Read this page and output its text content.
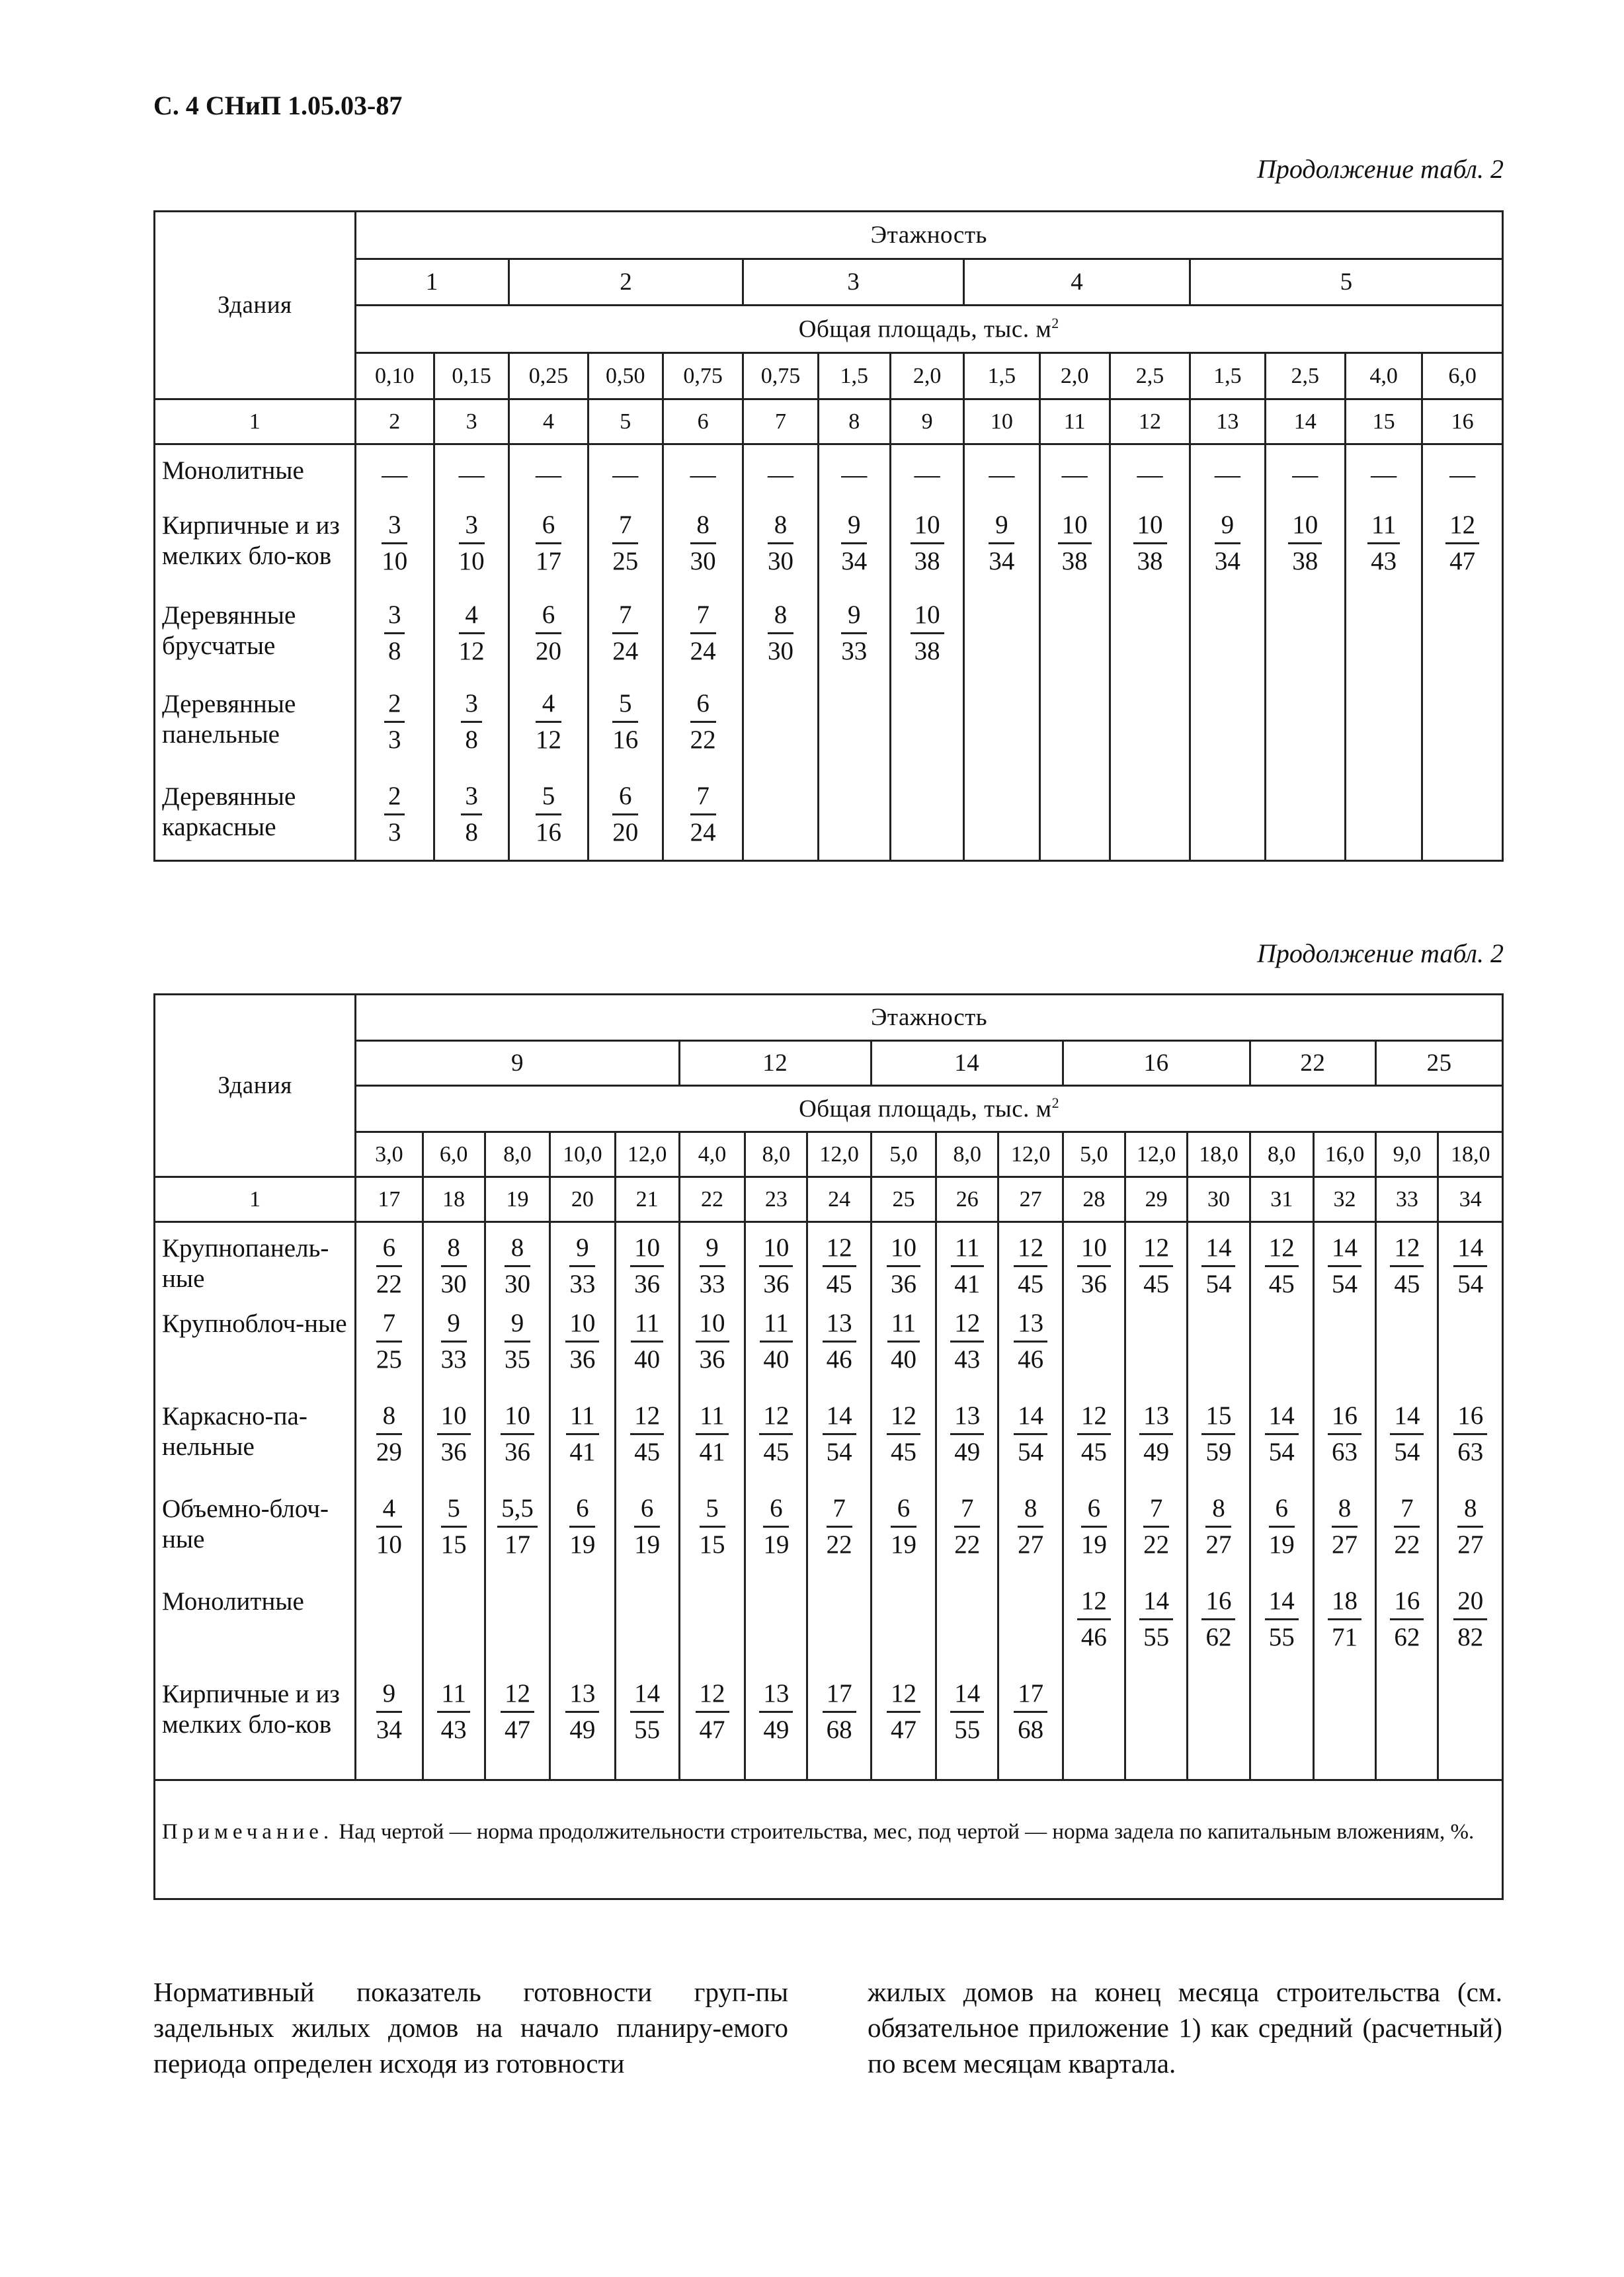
С. 4 СНиП 1.05.03-87
Продолжение табл. 2
Здания	Этажность														
	1		2			3			4			5			
	Общая площадь, тыс. $м^2$
	0,10	0,15	0,25	0,50	0,75	0,75	1,5	2,0	1,5	2,0	2,5	1,5	2,5	4,0	6,0
1	2	3	4	5	6	7	8	9	10	11	12	13	14	15	16
Монолитные	—	—	—	—	—	—	—	—	—	—	—	—	—	—	—
Кирпичные и из мелких бло-ков	$\frac{3}{10}$	$\frac{3}{10}$	$\frac{6}{17}$	$\frac{7}{25}$	$\frac{8}{30}$	$\frac{8}{30}$	$\frac{9}{34}$	$\frac{10}{38}$	$\frac{9}{34}$	$\frac{10}{38}$	$\frac{10}{38}$	$\frac{9}{34}$	$\frac{10}{38}$	$\frac{11}{43}$	$\frac{12}{47}$

Деревянные брусчатые	$\frac{3}{8}$	$\frac{4}{12}$	$\frac{6}{20}$	$\frac{7}{24}$	$\frac{7}{24}$	$\frac{8}{30}$	$\frac{9}{33}$	$\frac{10}{38}$

Деревянные панельные	$\frac{2}{3}$	$\frac{3}{8}$	$\frac{4}{12}$	$\frac{5}{16}$	$\frac{6}{22}$

Деревянные каркасные	$\frac{2}{3}$	$\frac{3}{8}$	$\frac{5}{16}$	$\frac{6}{20}$	$\frac{7}{24}$

Продолжение табл. 2
Здания	Этажность																	
	9					12			14			16			22		25	
	Общая площадь, тыс. $м^2$
	3,0	6,0	8,0	10,0	12,0	4,0	8,0	12,0	5,0	8,0	12,0	5,0	12,0	18,0	8,0	16,0	9,0	18,0
1	17	18	19	20	21	22	23	24	25	26	27	28	29	30	31	32	33	34
Крупнопанель-ные	$\frac{6}{22}$	$\frac{8}{30}$	$\frac{8}{30}$	$\frac{9}{33}$	$\frac{10}{36}$	$\frac{9}{33}$	$\frac{10}{36}$	$\frac{12}{45}$	$\frac{10}{36}$	$\frac{11}{41}$	$\frac{12}{45}$	$\frac{10}{36}$	$\frac{12}{45}$	$\frac{14}{54}$	$\frac{12}{45}$	$\frac{14}{54}$	$\frac{12}{45}$	$\frac{14}{54}$

Крупноблоч-ные	$\frac{7}{25}$	$\frac{9}{33}$	$\frac{9}{35}$	$\frac{10}{36}$	$\frac{11}{40}$	$\frac{10}{36}$	$\frac{11}{40}$	$\frac{13}{46}$	$\frac{11}{40}$	$\frac{12}{43}$	$\frac{13}{46}$

Каркасно-па-нельные	$\frac{8}{29}$	$\frac{10}{36}$	$\frac{10}{36}$	$\frac{11}{41}$	$\frac{12}{45}$	$\frac{11}{41}$	$\frac{12}{45}$	$\frac{14}{54}$	$\frac{12}{45}$	$\frac{13}{49}$	$\frac{14}{54}$	$\frac{12}{45}$	$\frac{13}{49}$	$\frac{15}{59}$	$\frac{14}{54}$	$\frac{16}{63}$	$\frac{14}{54}$	$\frac{16}{63}$

Объемно-блоч-ные	$\frac{4}{10}$	$\frac{5}{15}$	$\frac{5,5}{17}$	$\frac{6}{19}$	$\frac{6}{19}$	$\frac{5}{15}$	$\frac{6}{19}$	$\frac{7}{22}$	$\frac{6}{19}$	$\frac{7}{22}$	$\frac{8}{27}$	$\frac{6}{19}$	$\frac{7}{22}$	$\frac{8}{27}$	$\frac{6}{19}$	$\frac{8}{27}$	$\frac{7}{22}$	$\frac{8}{27}$

Монолитные												$\frac{12}{46}$	$\frac{14}{55}$	$\frac{16}{62}$	$\frac{14}{55}$	$\frac{18}{71}$	$\frac{16}{62}$	$\frac{20}{82}$

Кирпичные и из мелких бло-ков	$\frac{9}{34}$	$\frac{11}{43}$	$\frac{12}{47}$	$\frac{13}{49}$	$\frac{14}{55}$	$\frac{12}{47}$	$\frac{13}{49}$	$\frac{17}{68}$	$\frac{12}{47}$	$\frac{14}{55}$	$\frac{17}{68}$

Примечание. Над чертой — норма продолжительности строительства, мес, под чертой — норма задела по капитальным вложениям, %.																		
Нормативный показатель готовности груп-пы задельных жилых домов на начало планиру-емого периода определен исходя из готовности
жилых домов на конец месяца строительства (см. обязательное приложение 1) как средний (расчетный) по всем месяцам квартала.
